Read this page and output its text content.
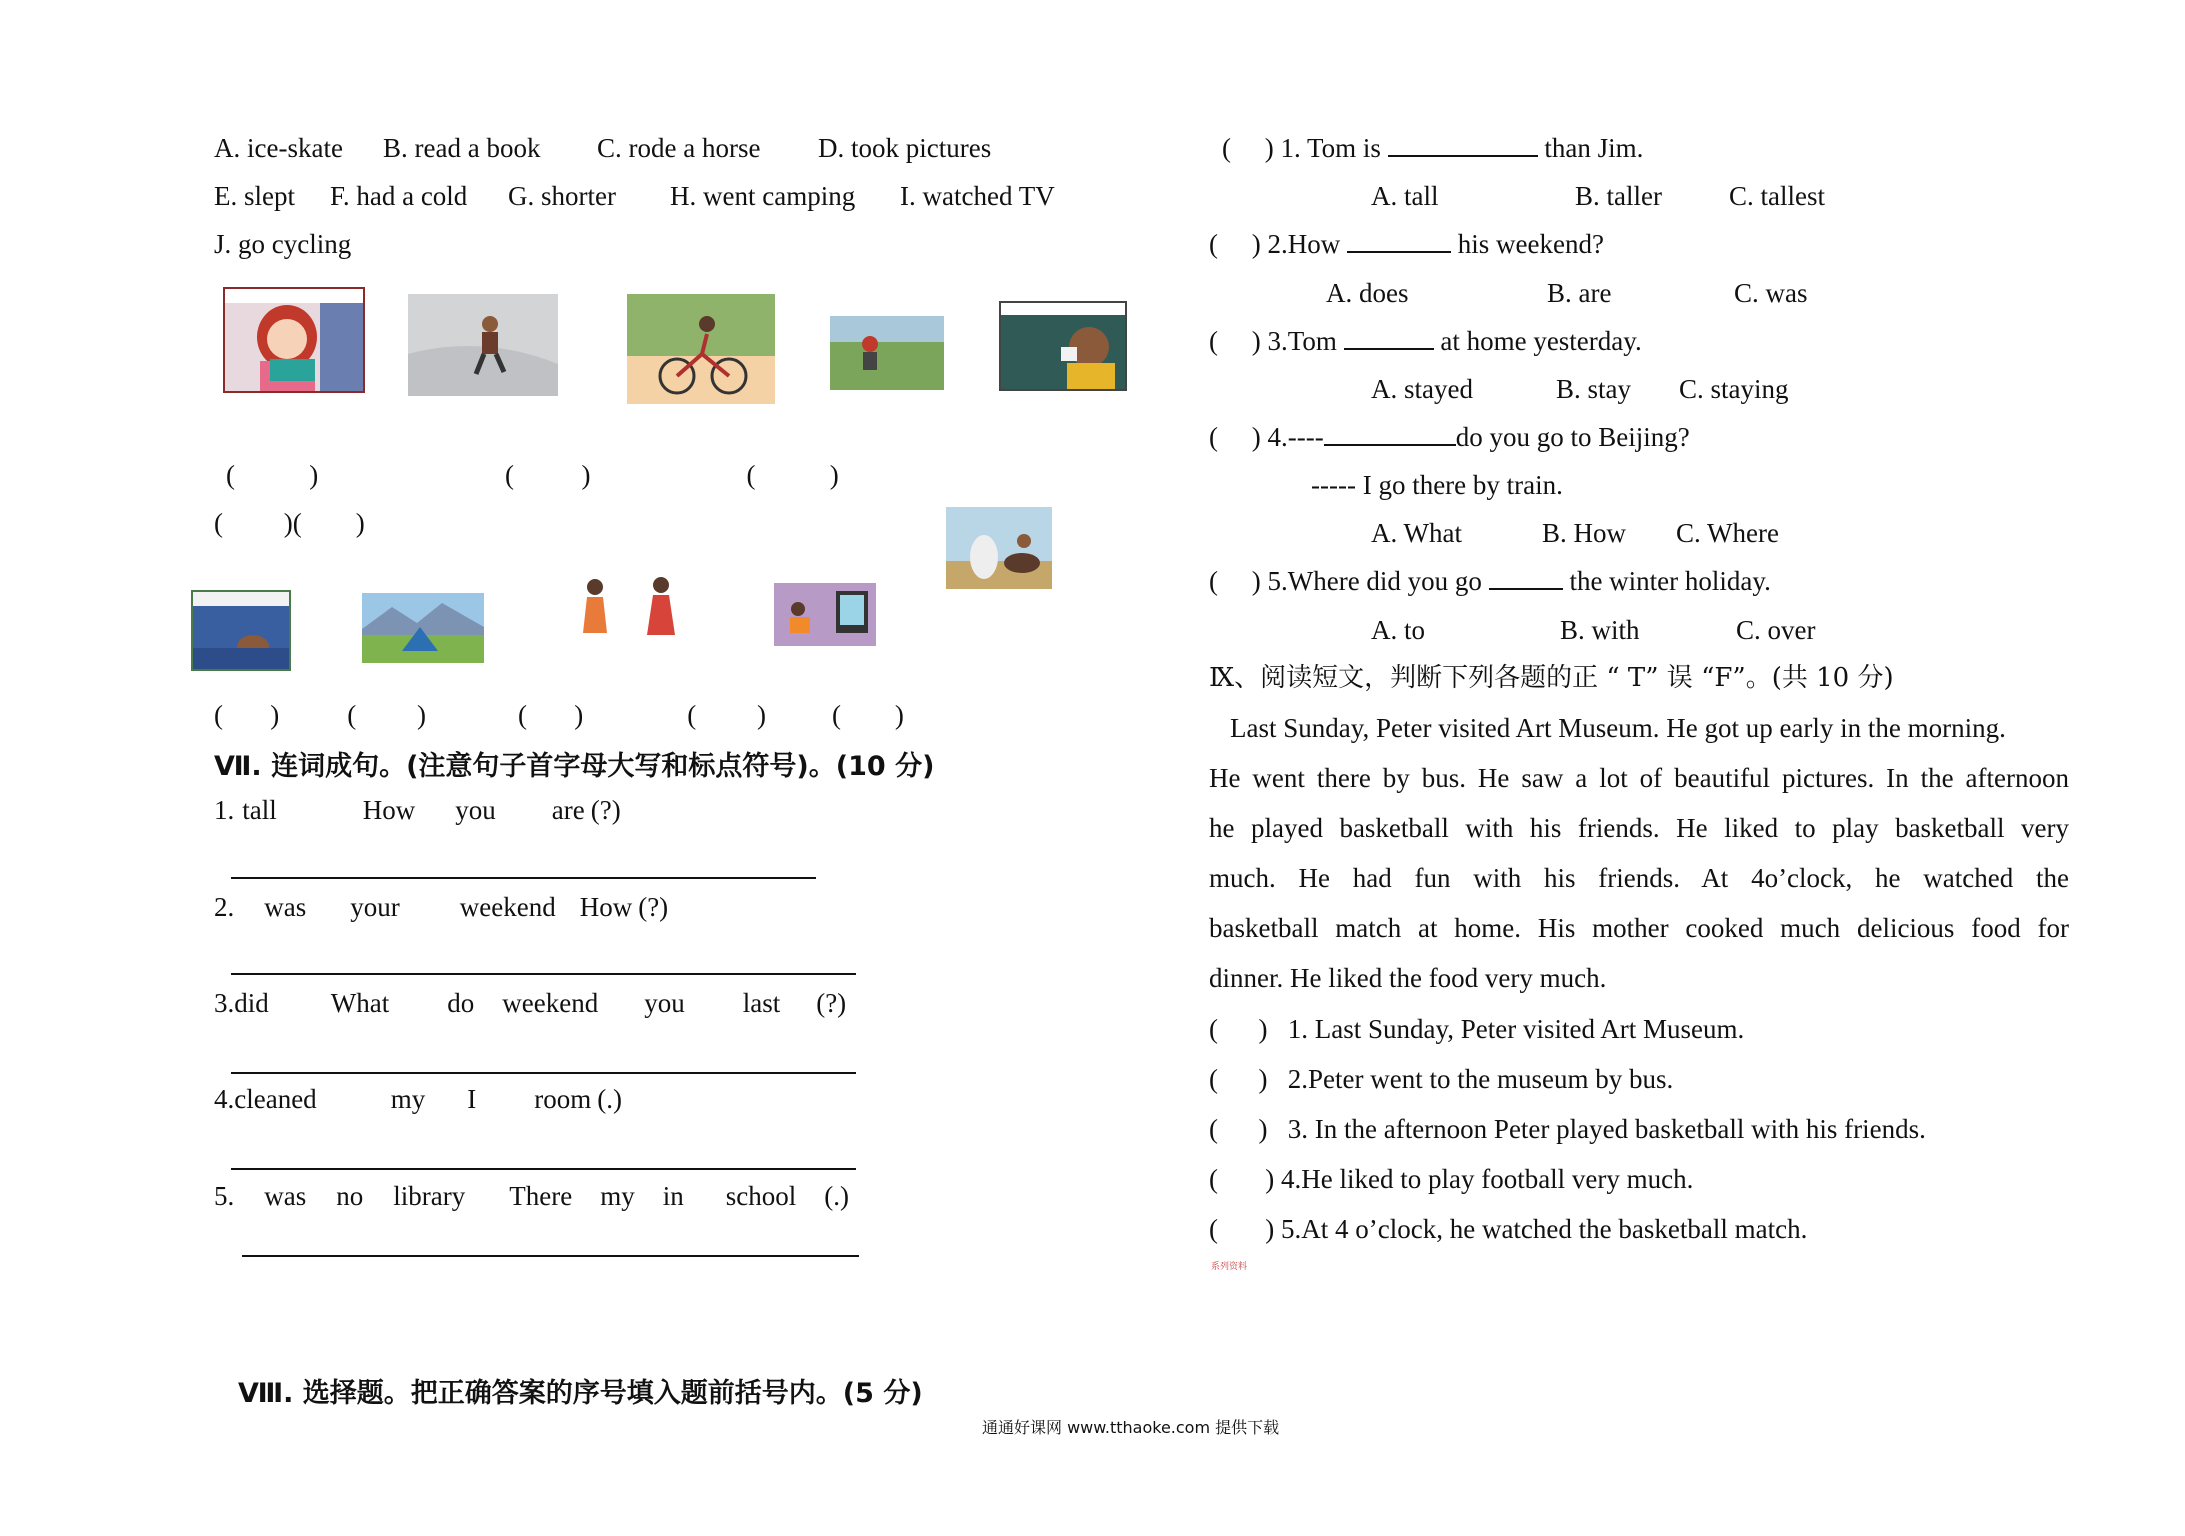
A. ice-skate B. read a book C. rode a horse D. took pictures
E. slept F. had a cold G. shorter H. went camping I. watched TV
J. go cycling
(           )	(          )	(           )
(         ) (        )
(       )	(         )	(       )	(         ) (        )
Ⅶ. 连词成句。(注意句子首字母大写和标点符号)。(10 分)
1. tall	How you are (?)
2. was your weekend How (?)
3.did What do weekend you last (?)
4.cleaned	my I room (.)
5. was no library There my in school (.)
Ⅷ. 选择题。把正确答案的序号填入题前括号内。(5 分)
(　 ) 1. Tom is	than Jim.
A. tall	B. taller C. tallest
(　 ) 2.How	his weekend?
A. does	B. are	C. was
(　 ) 3.Tom	at home yesterday.
A. stayed	B. stay C. staying
(　 ) 4.----	do you go to Beijing?
----- I go there by train.
A. What	B. How C. Where
(　 ) 5.Where did you go	the winter holiday.
A. to	B. with	C. over
Ⅸ、阅读短文，判断下列各题的正 “ T” 误 “F”。(共 10 分)
Last Sunday, Peter visited Art Museum. He got up early in the morning.
He went there by bus. He saw a lot of beautiful pictures. In the afternoon
he played basketball with his friends. He liked to play basketball very
much. He had fun with his friends. At 4o’clock, he watched the
basketball match at home. His mother cooked much delicious food for
dinner. He liked the food very much.
( ) 1. Last Sunday, Peter visited Art Museum.
( ) 2.Peter went to the museum by bus.
( ) 3. In the afternoon Peter played basketball with his friends.
( ) 4.He liked to play football very much.
( ) 5.At 4 o’clock, he watched the basketball match.
系列资料
通通好课网 www.tthaoke.com 提供下载
